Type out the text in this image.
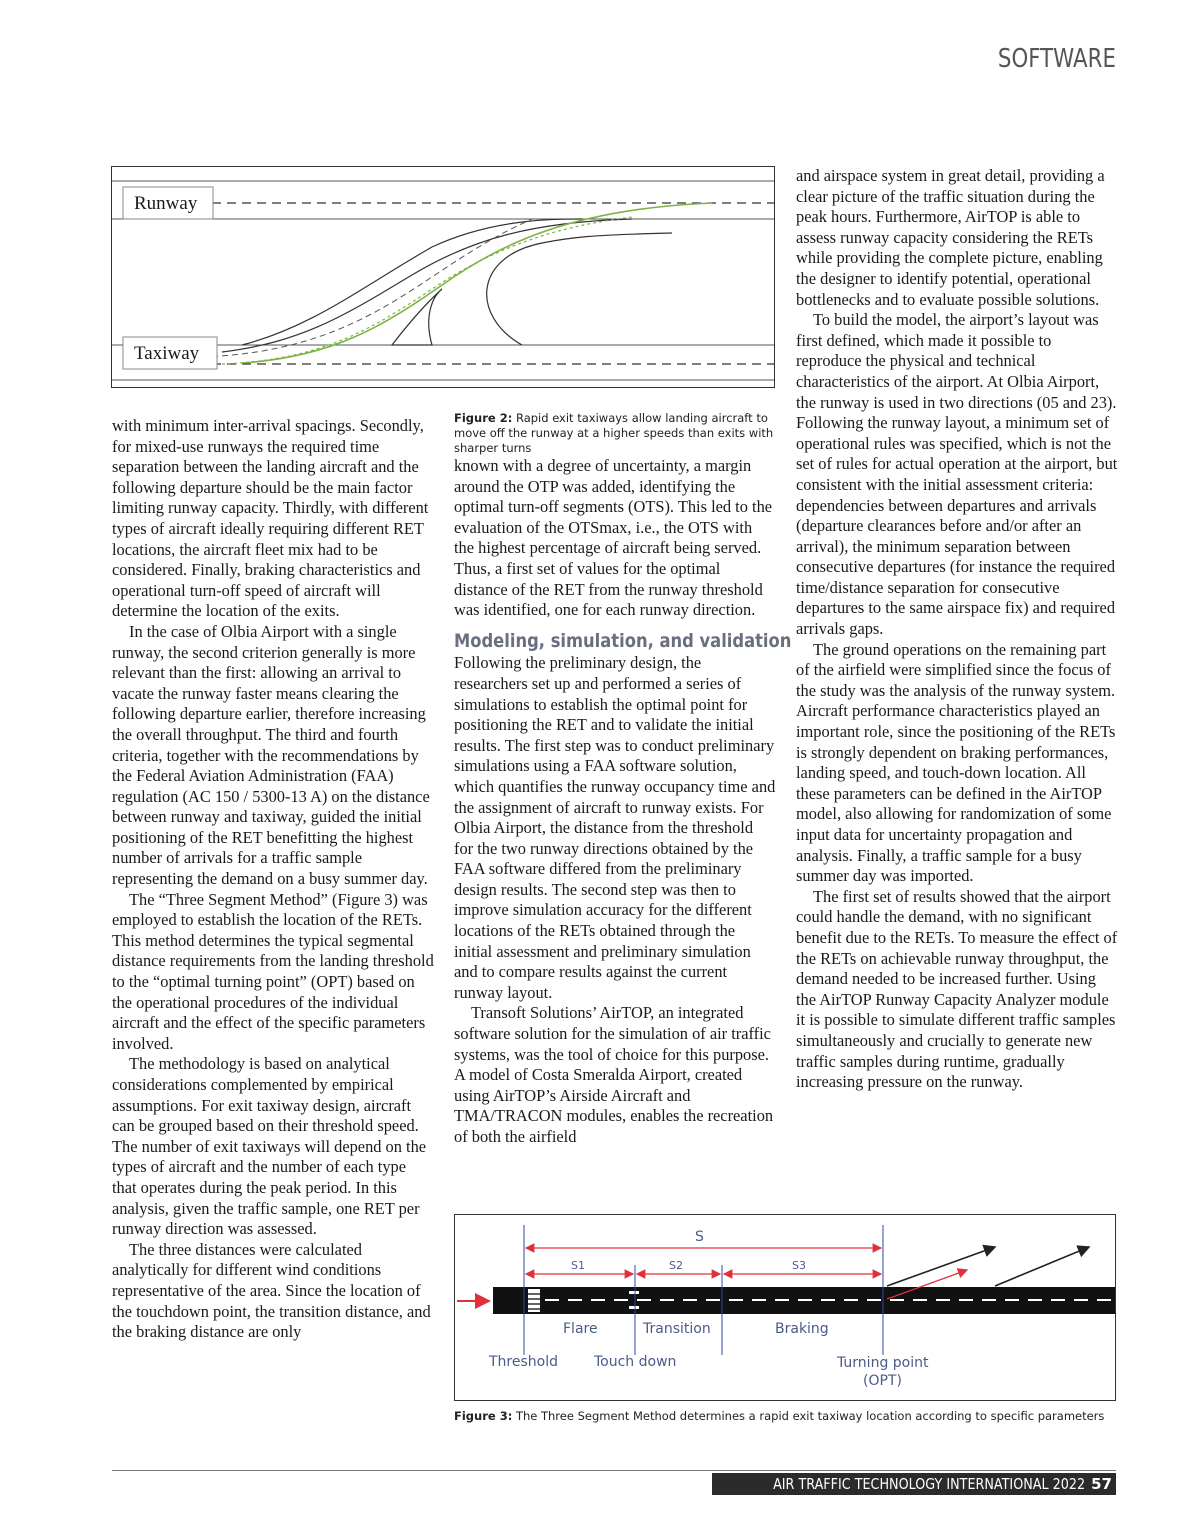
SOFTWARE
Runway
Taxiway
Figure 2: Rapid exit taxiways allow landing aircraft to move off the runway at a higher speeds than exits with sharper turns

with minimum inter-arrival spacings. Secondly, for mixed-use runways the required time separation between the landing aircraft and the following departure should be the main factor limiting runway capacity. Thirdly, with different types of aircraft ideally requiring different RET locations, the aircraft fleet mix had to be considered. Finally, braking characteristics and operational turn-off speed of aircraft will determine the location of the exits.

In the case of Olbia Airport with a single runway, the second criterion generally is more relevant than the first: allowing an arrival to vacate the runway faster means clearing the following departure earlier, therefore increasing the overall throughput. The third and fourth criteria, together with the recommendations by the Federal Aviation Administration (FAA) regulation (AC 150 / 5300-13 A) on the distance between runway and taxiway, guided the initial positioning of the RET benefitting the highest number of arrivals for a traffic sample representing the demand on a busy summer day.

The “Three Segment Method” (Figure 3) was employed to establish the location of the RETs. This method determines the typical segmental distance requirements from the landing threshold to the “optimal turning point” (OPT) based on the operational procedures of the individual aircraft and the effect of the specific parameters involved.

The methodology is based on analytical considerations complemented by empirical assumptions. For exit taxiway design, aircraft can be grouped based on their threshold speed. The number of exit taxiways will depend on the types of aircraft and the number of each type that operates during the peak period. In this analysis, given the traffic sample, one RET per runway direction was assessed.

The three distances were calculated analytically for different wind conditions representative of the area. Since the location of the touchdown point, the transition distance, and the braking distance are only

known with a degree of uncertainty, a margin around the OTP was added, identifying the optimal turn-off segments (OTS). This led to the evaluation of the OTSmax, i.e., the OTS with the highest percentage of aircraft being served. Thus, a first set of values for the optimal distance of the RET from the runway threshold was identified, one for each runway direction.

Modeling, simulation, and validation

Following the preliminary design, the researchers set up and performed a series of simulations to establish the optimal point for positioning the RET and to validate the initial results. The first step was to conduct preliminary simulations using a FAA software solution, which quantifies the runway occupancy time and the assignment of aircraft to runway exists. For Olbia Airport, the distance from the threshold for the two runway directions obtained by the FAA software differed from the preliminary design results. The second step was then to improve simulation accuracy for the different locations of the RETs obtained through the initial assessment and preliminary simulation and to compare results against the current runway layout.

Transoft Solutions’ AirTOP, an integrated software solution for the simulation of air traffic systems, was the tool of choice for this purpose. A model of Costa Smeralda Airport, created using AirTOP’s Airside Aircraft and TMA/TRACON modules, enables the recreation of both the airfield

and airspace system in great detail, providing a clear picture of the traffic situation during the peak hours. Furthermore, AirTOP is able to assess runway capacity considering the RETs while providing the complete picture, enabling the designer to identify potential, operational bottlenecks and to evaluate possible solutions.

To build the model, the airport’s layout was first defined, which made it possible to reproduce the physical and technical characteristics of the airport. At Olbia Airport, the runway is used in two directions (05 and 23). Following the runway layout, a minimum set of operational rules was specified, which is not the set of rules for actual operation at the airport, but consistent with the initial assessment criteria: dependencies between departures and arrivals (departure clearances before and/or after an arrival), the minimum separation between consecutive departures (for instance the required time/distance separation for consecutive departures to the same airspace fix) and required arrivals gaps.

The ground operations on the remaining part of the airfield were simplified since the focus of the study was the analysis of the runway system. Aircraft performance characteristics played an important role, since the positioning of the RETs is strongly dependent on braking performances, landing speed, and touch-down location. All these parameters can be defined in the AirTOP model, also allowing for randomization of some input data for uncertainty propagation and analysis. Finally, a traffic sample for a busy summer day was imported.

The first set of results showed that the airport could handle the demand, with no significant benefit due to the RETs. To measure the effect of the RETs on achievable runway throughput, the demand needed to be increased further. Using the AirTOP Runway Capacity Analyzer module it is possible to simulate different traffic samples simultaneously and crucially to generate new traffic samples during runtime, gradually increasing pressure on the runway.

S
S1	S2	S3
Flare	Transition	Braking
Threshold	Touch down	Turning point
(OPT)
Figure 3: The Three Segment Method determines a rapid exit taxiway location according to specific parameters
AIR TRAFFIC TECHNOLOGY INTERNATIONAL 2022 57
